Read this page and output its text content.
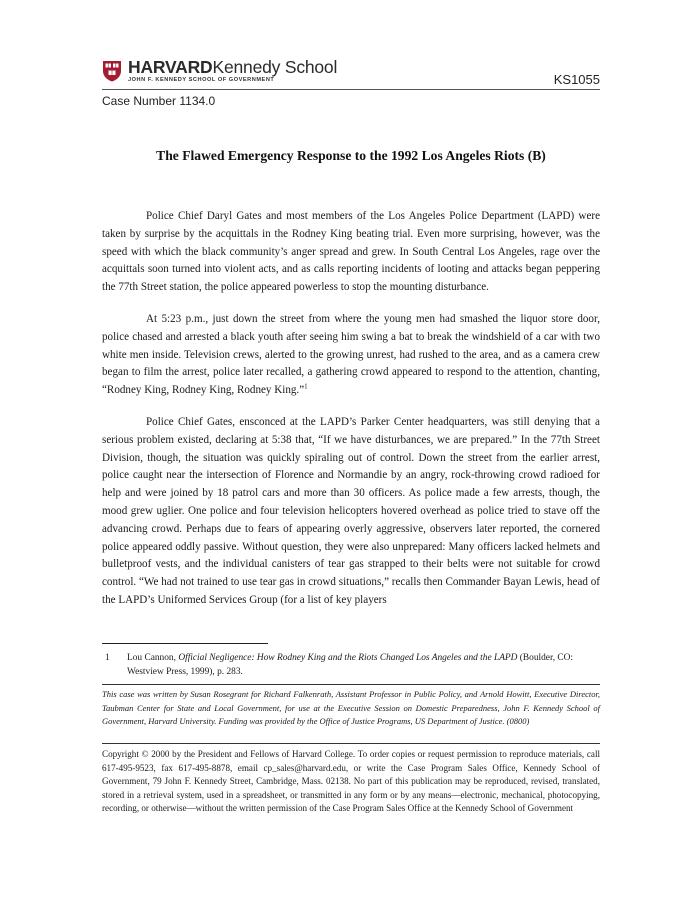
HARVARDKennedy School
JOHN F. KENNEDY SCHOOL OF GOVERNMENT	KS1055
Case Number 1134.0
The Flawed Emergency Response to the 1992 Los Angeles Riots (B)

Police Chief Daryl Gates and most members of the Los Angeles Police Department (LAPD) were taken by surprise by the acquittals in the Rodney King beating trial. Even more surprising, however, was the speed with which the black community’s anger spread and grew. In South Central Los Angeles, rage over the acquittals soon turned into violent acts, and as calls reporting incidents of looting and attacks began peppering the 77th Street station, the police appeared powerless to stop the mounting disturbance.

At 5:23 p.m., just down the street from where the young men had smashed the liquor store door, police chased and arrested a black youth after seeing him swing a bat to break the windshield of a car with two white men inside. Television crews, alerted to the growing unrest, had rushed to the area, and as a camera crew began to film the arrest, police later recalled, a gathering crowd appeared to respond to the attention, chanting, “Rodney King, Rodney King, Rodney King.”$^1$

Police Chief Gates, ensconced at the LAPD’s Parker Center headquarters, was still denying that a serious problem existed, declaring at 5:38 that, “If we have disturbances, we are prepared.” In the 77th Street Division, though, the situation was quickly spiraling out of control. Down the street from the earlier arrest, police caught near the intersection of Florence and Normandie by an angry, rock-throwing crowd radioed for help and were joined by 18 patrol cars and more than 30 officers. As police made a few arrests, though, the mood grew uglier. One police and four television helicopters hovered overhead as police tried to stave off the advancing crowd. Perhaps due to fears of appearing overly aggressive, observers later reported, the cornered police appeared oddly passive. Without question, they were also unprepared: Many officers lacked helmets and bulletproof vests, and the individual canisters of tear gas strapped to their belts were not suitable for crowd control. “We had not trained to use tear gas in crowd situations,” recalls then Commander Bayan Lewis, head of the LAPD’s Uniformed Services Group (for a list of key players

1 Lou Cannon, Official Negligence: How Rodney King and the Riots Changed Los Angeles and the LAPD (Boulder, CO: Westview Press, 1999), p. 283.
This case was written by Susan Rosegrant for Richard Falkenrath, Assistant Professor in Public Policy, and Arnold Howitt, Executive Director, Taubman Center for State and Local Government, for use at the Executive Session on Domestic Preparedness, John F. Kennedy School of Government, Harvard University. Funding was provided by the Office of Justice Programs, US Department of Justice. (0800)
Copyright © 2000 by the President and Fellows of Harvard College. To order copies or request permission to reproduce materials, call 617-495-9523, fax 617-495-8878, email cp_sales@harvard.edu, or write the Case Program Sales Office, Kennedy School of Government, 79 John F. Kennedy Street, Cambridge, Mass. 02138. No part of this publication may be reproduced, revised, translated, stored in a retrieval system, used in a spreadsheet, or transmitted in any form or by any means—electronic, mechanical, photocopying, recording, or otherwise—without the written permission of the Case Program Sales Office at the Kennedy School of Government
